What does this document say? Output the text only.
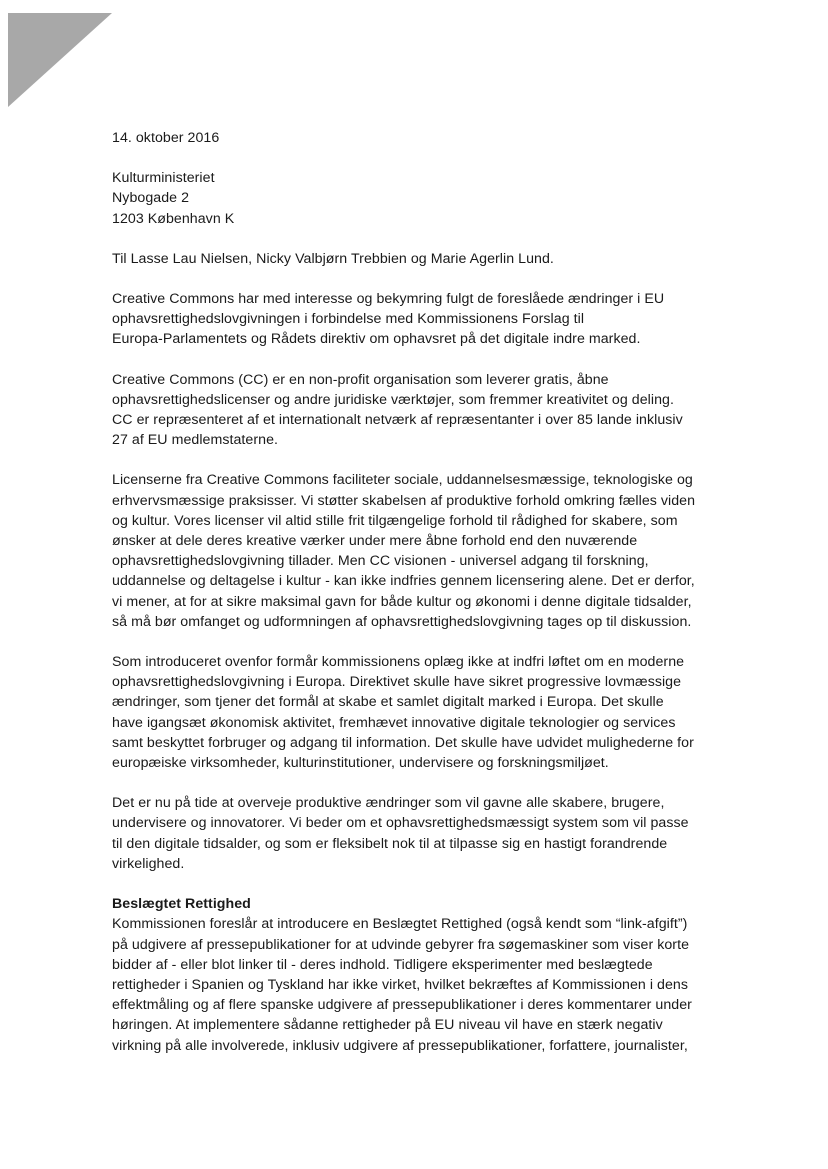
14. oktober 2016

Kulturministeriet
Nybogade 2
1203 København K

Til Lasse Lau Nielsen, Nicky Valbjørn Trebbien og Marie Agerlin Lund.

Creative Commons har med interesse og bekymring fulgt de foreslåede ændringer i EU
ophavsrettighedslovgivningen i forbindelse med Kommissionens Forslag til
Europa-Parlamentets og Rådets direktiv om ophavsret på det digitale indre marked.
Creative Commons (CC) er en non-profit organisation som leverer gratis, åbne
ophavsrettighedslicenser og andre juridiske værktøjer, som fremmer kreativitet og deling.
CC er repræsenteret af et internationalt netværk af repræsentanter i over 85 lande inklusiv
27 af EU medlemstaterne.
Licenserne fra Creative Commons faciliteter sociale, uddannelsesmæssige, teknologiske og
erhvervsmæssige praksisser. Vi støtter skabelsen af produktive forhold omkring fælles viden
og kultur. Vores licenser vil altid stille frit tilgængelige forhold til rådighed for skabere, som
ønsker at dele deres kreative værker under mere åbne forhold end den nuværende
ophavsrettighedslovgivning tillader. Men CC visionen - universel adgang til forskning,
uddannelse og deltagelse i kultur - kan ikke indfries gennem licensering alene. Det er derfor,
vi mener, at for at sikre maksimal gavn for både kultur og økonomi i denne digitale tidsalder,
så må bør omfanget og udformningen af ophavsrettighedslovgivning tages op til diskussion.
Som introduceret ovenfor formår kommissionens oplæg ikke at indfri løftet om en moderne
ophavsrettighedslovgivning i Europa. Direktivet skulle have sikret progressive lovmæssige
ændringer, som tjener det formål at skabe et samlet digitalt marked i Europa. Det skulle
have igangsæt økonomisk aktivitet, fremhævet innovative digitale teknologier og services
samt beskyttet forbruger og adgang til information. Det skulle have udvidet mulighederne for
europæiske virksomheder, kulturinstitutioner, undervisere og forskningsmiljøet.
Det er nu på tide at overveje produktive ændringer som vil gavne alle skabere, brugere,
undervisere og innovatorer. Vi beder om et ophavsrettighedsmæssigt system som vil passe
til den digitale tidsalder, og som er fleksibelt nok til at tilpasse sig en hastigt forandrende
virkelighed.
Beslægtet Rettighed
Kommissionen foreslår at introducere en Beslægtet Rettighed (også kendt som “link-afgift”)
på udgivere af pressepublikationer for at udvinde gebyrer fra søgemaskiner som viser korte
bidder af - eller blot linker til - deres indhold. Tidligere eksperimenter med beslægtede
rettigheder i Spanien og Tyskland har ikke virket, hvilket bekræftes af Kommissionen i dens
effektmåling og af flere spanske udgivere af pressepublikationer i deres kommentarer under
høringen. At implementere sådanne rettigheder på EU niveau vil have en stærk negativ
virkning på alle involverede, inklusiv udgivere af pressepublikationer, forfattere, journalister,
